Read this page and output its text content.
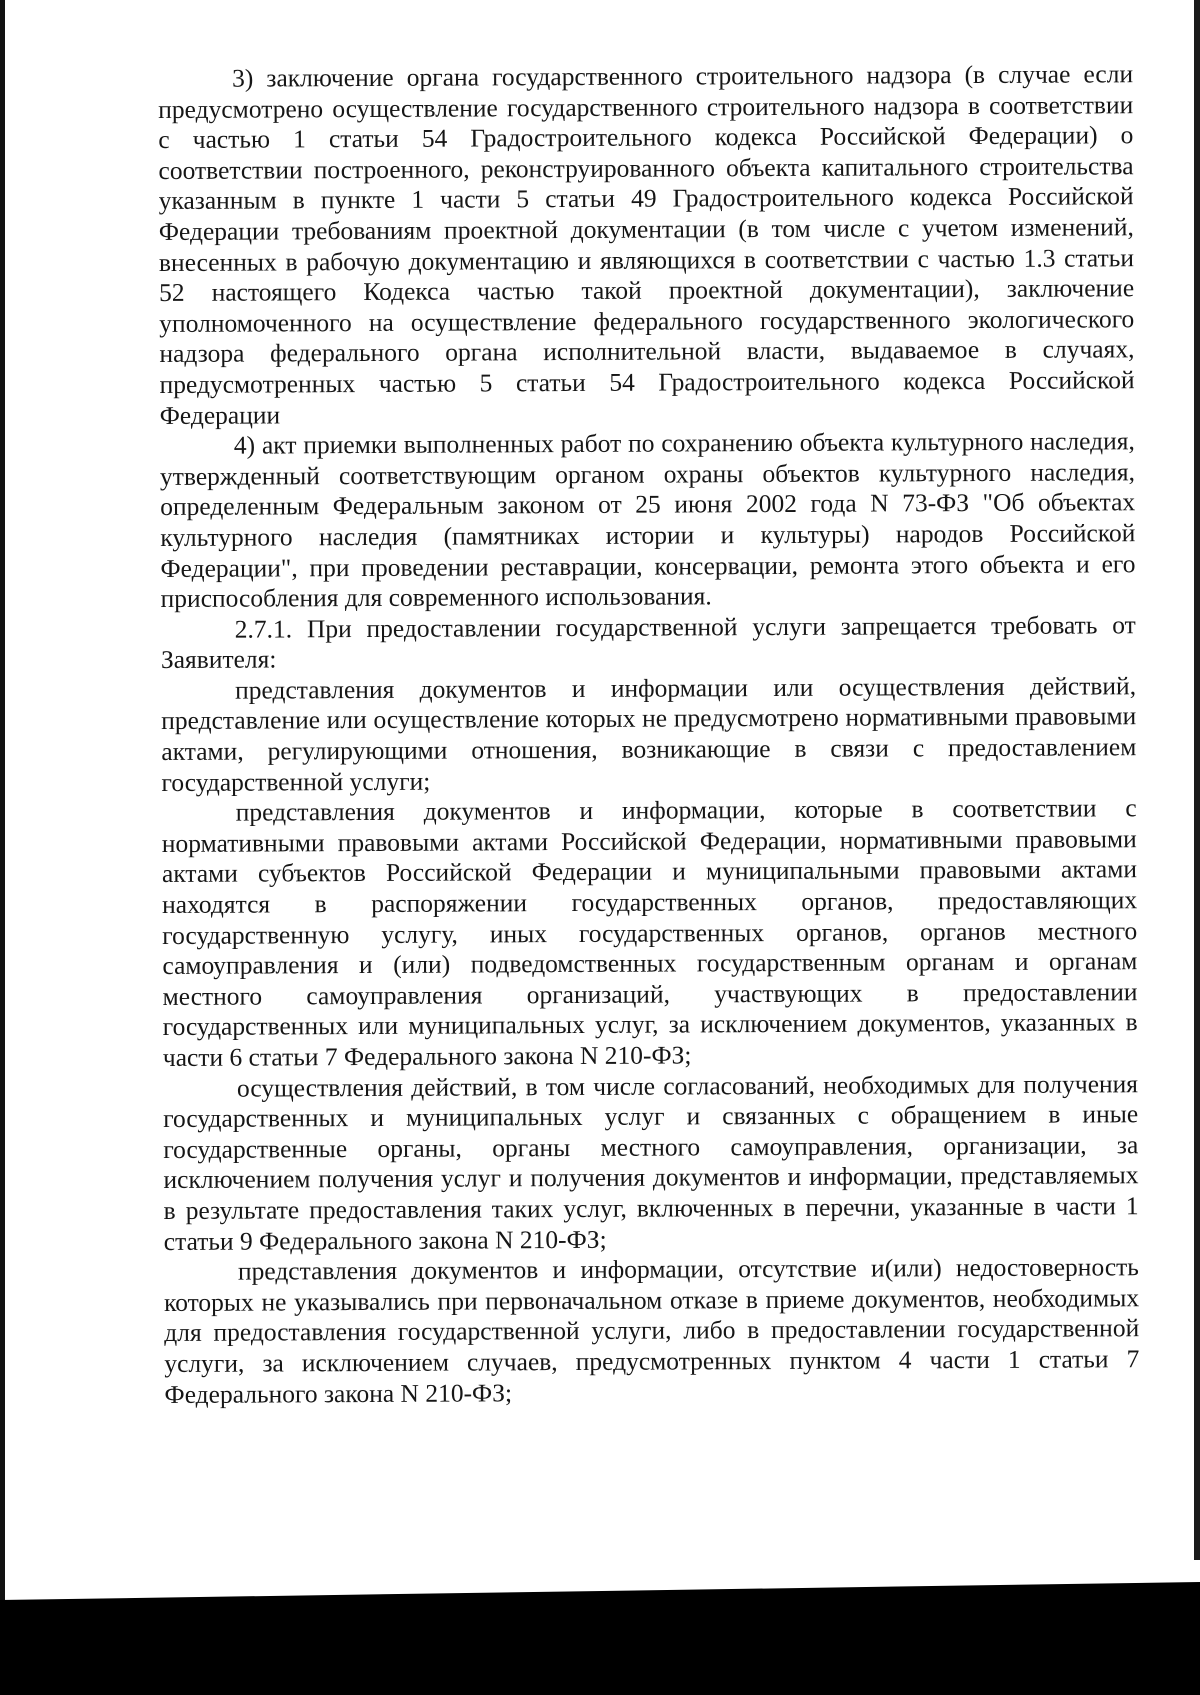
3) заключение органа государственного строительного надзора (в случае если предусмотрено осуществление государственного строительного надзора в соответствии с частью 1 статьи 54 Градостроительного кодекса Российской Федерации) о соответствии построенного, реконструированного объекта капитального строительства указанным в пункте 1 части 5 статьи 49 Градостроительного кодекса Российской Федерации требованиям проектной документации (в том числе с учетом изменений, внесенных в рабочую документацию и являющихся в соответствии с частью 1.3 статьи 52 настоящего Кодекса частью такой проектной документации), заключение уполномоченного на осуществление федерального государственного экологического надзора федерального органа исполнительной власти, выдаваемое в случаях, предусмотренных частью 5 статьи 54 Градостроительного кодекса Российской Федерации

4) акт приемки выполненных работ по сохранению объекта культурного наследия, утвержденный соответствующим органом охраны объектов культурного наследия, определенным Федеральным законом от 25 июня 2002 года N 73-ФЗ "Об объектах культурного наследия (памятниках истории и культуры) народов Российской Федерации", при проведении реставрации, консервации, ремонта этого объекта и его приспособления для современного использования.

2.7.1. При предоставлении государственной услуги запрещается требовать от Заявителя:

представления документов и информации или осуществления действий, представление или осуществление которых не предусмотрено нормативными правовыми актами, регулирующими отношения, возникающие в связи с предоставлением государственной услуги;

представления документов и информации, которые в соответствии с нормативными правовыми актами Российской Федерации, нормативными правовыми актами субъектов Российской Федерации и муниципальными правовыми актами находятся в распоряжении государственных органов, предоставляющих государственную услугу, иных государственных органов, органов местного самоуправления и (или) подведомственных государственным органам и органам местного самоуправления организаций, участвующих в предоставлении государственных или муниципальных услуг, за исключением документов, указанных в части 6 статьи 7 Федерального закона N 210-ФЗ;

осуществления действий, в том числе согласований, необходимых для получения государственных и муниципальных услуг и связанных с обращением в иные государственные органы, органы местного самоуправления, организации, за исключением получения услуг и получения документов и информации, представляемых в результате предоставления таких услуг, включенных в перечни, указанные в части 1 статьи 9 Федерального закона N 210-ФЗ;

представления документов и информации, отсутствие и(или) недостоверность которых не указывались при первоначальном отказе в приеме документов, необходимых для предоставления государственной услуги, либо в предоставлении государственной услуги, за исключением случаев, предусмотренных пунктом 4 части 1 статьи 7 Федерального закона N 210-ФЗ;
